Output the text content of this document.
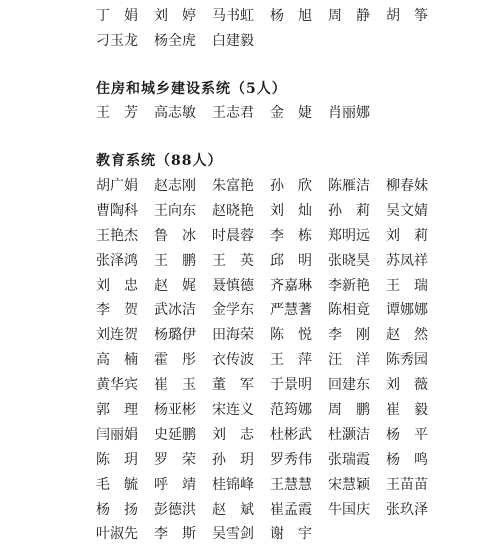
丁　娟 刘　婷 马书虹 杨　旭 周　静 胡　筝
刁玉龙 杨全虎 白建毅
住房和城乡建设系统（5人）
王　芳 高志敏 王志君 金　婕 肖丽娜
教育系统（88人）
胡广娟 赵志刚 朱富艳 孙　欣 陈雁洁 柳春妹
曹陶科 王向东 赵晓艳 刘　灿 孙　莉 吴文婧
王艳杰 鲁　冰 时晨蓉 李　栋 郑明远 刘　莉
张泽鸿 王　鹏 王　英 邱　明 张晓昊 苏凤祥
刘　忠 赵　娓 聂慎德 齐嘉琳 李新艳 王　瑞
李　贺 武冰洁 金学东 严慧蓍 陈相竟 谭娜娜
刘连贺 杨璐伊 田海荣 陈　悦 李　刚 赵　然
高　楠 霍　彤 衣传波 王　萍 汪　洋 陈秀园
黄华宾 崔　玉 董　军 于景明 回建东 刘　薇
郭　理 杨亚彬 宋连义 范筠娜 周　鹏 崔　毅
闫丽娟 史延鹏 刘　志 杜彬武 杜灏洁 杨　平
陈　玥 罗　荣 孙　玥 罗秀伟 张瑞霞 杨　鸣
毛　毓 呼　靖 桂锦峰 王慧慧 宋慧颖 王苗苗
杨　扬 彭德洪 赵　斌 崔孟霞 牛国庆 张玖泽
叶淑先 李　斯 吴雪剑 谢　宇
